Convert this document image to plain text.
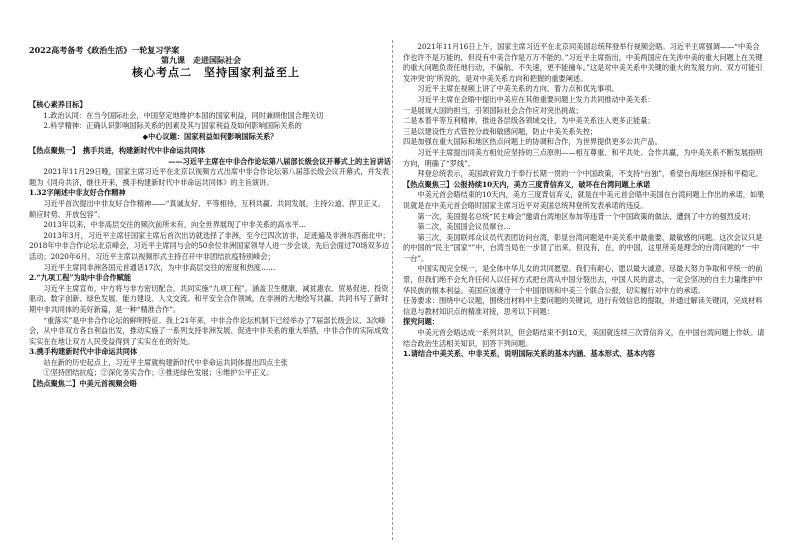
2022高考备考《政治生活》一轮复习学案
第九课　走进国际社会
核心考点二　坚持国家利益至上

【核心素养目标】

1.政治认同：在当今国际社会，中国坚定地维护本国的国家利益，同时兼顾他国合理关切

2.科学精神：正确认识影响国际关系的因素及其与国家利益及如何影响国际关系的

◆中心议题：国家利益如何影响国际关系？

【热点聚焦一】　携手共进，构建新时代中非命运共同体

——习近平主席在中非合作论坛第八届部长级会议开幕式上的主旨讲话

2021年11月29日晚，国家主席习近平在北京以视频方式出席中非合作论坛第八届部长级会议开幕式，并发表题为《同舟共济，继往开来，携手构建新时代中非命运共同体》的主旨演讲。

1.32字阐述中非友好合作精神

习近平首次提出中非友好合作精神——“真诚友好、平等相待，互利共赢、共同发展，主持公道、捍卫正义，顺应时势、开放包容”。

2013年以来，中非高层交往的频次前所未有，向全世界展现了中非关系的高水平…

2013年3月，习近平主席任国家主席后首次出访就选择了非洲，至今已四次访非，足迹遍及非洲东西南北中；2018年中非合作论坛北京峰会，习近平主席同与会的50余位非洲国家领导人进一步会谈，先后会面过70场双多边活动；2020年6月，习近平主席以视频形式主持召开中非团结抗疫特别峰会；

习近平主席同非洲各国元首通话17次，为中非高层交往的密度和热度……

2.“九项工程”为助中非合作赋能

习近平主席宣布，中方将与非方密切配合，共同实施“九项工程”，涵盖卫生健康、减贫惠农、贸易促进、投资驱动、数字创新、绿色发展、能力建设、人文交流、和平安全合作领域，在非洲的大地绘写共赢、共同书写了新时期中非共同体的美好新篇，是一种“精准合作”。

“重落实”是中非合作论坛的鲜明特征。我上21年来，中非合作论坛机制下已经举办了7届部长级会议、3次峰会，从中非双方各自利益出发，推动实施了一系列支持非洲发展、促进中非关系的重大举措，中非合作的实际成效实实在在地让双方人民受益得到了实实在在的好处。

3.携手构建新时代中非命运共同体

站在新的历史起点上，习近平主席就构建新时代中非命运共同体提出四点主张

①坚持团结抗疫；②深化务实合作；③推进绿色发展；④维护公平正义。

【热点聚焦二】中美元首视频会晤

2021年11月16日上午，国家主席习近平在北京同美国总统拜登举行视频会晤。习近平主席强调——“中美合作也许不是万能的，但没有中美合作是万万不能的。”习近平主席指出，中美两国应在关涉中美的重大问题上在关键的重大问题负责任地行动，不偏航、不失速，更不能撞车。”这是对中美关系中关键的重大的发展方向、双方可能引发冲突‘的’所说的，是对中美关系方向和把握的重要阐述。

习近平主席在视频上讲了中美关系的方向、着力点和优先事项。

习近平主席在会晤中提出中美应在其他重要问题上发力共同推动中美关系：

一是展现大国的担当，引领国际社会合作应对突出挑战；

二是本着平等互利精神，推进各层级各领域交往，为中美关系注入更多正能量；

三是以建设性方式管控分歧和敏感问题，防止中美关系失控；

四是加强在重大国际和地区热点问题上的协调和合作，为世界提供更多公共产品。

习近平主席提出同美方相处应坚持的三点原则——相互尊重、和平共处、合作共赢，为中美关系不断发展指明方向，明确了“罗线”。

拜登总统表示，美国政府致力于奉行长期一贯的一个中国政策，不支持“台独”，希望台海地区保持和平稳定。

【热点聚焦三】公报持续10天内，美方三度背信弃义，破坏在台湾问题上承诺

中美元首会晤结束的10天内，美方三度背信弃义，就是在中美元首会晤中美国在台湾问题上作出的承诺，如果说就是在中美元首会晤时国家主席习近平对美国总统拜登所发表承诺的违反。

第一次，美国提名总统“民主峰会”邀请台湾地区参加等违背一个中国政策的做法，遭到了中方的强烈反对；

第二次，美国国会议员窜台…

第三次，美国联邦众议员代表团访问台湾，彰显台湾问题是中美关系中最重要、最敏感的问题。这次会议只是的中国的“民主”国家“”中，台湾当局在一步冒了出来，但没有，在，的中国，这里所美是理念的台湾问题的“一中一台”。

中国实现完全统一，是全体中华儿女的共同愿望。我们有耐心，愿以最大诚意、尽最大努力争取和平统一的前景，但我们绝不会允许任何人以任何方式把台湾从中国分裂出去，中国人民的意志，一定会坚决的自主力量维护中华民族的根本利益。美国应该遵守一个中国原则和中美三个联合公报，切实履行对中方的承诺。

任务要求：围绕中心议题，围绕出材料中主要问题的关键词，进行有效信息的提取，并通过解读关键词，完成材料信息与教材知识点的精准对接，思考以下问题：

探究问题：

中美元首会晤达成一系列共识，但会晤结束不到10天，美国就连续三次背信弃义，在中国台湾问题上作妖。请结合政治生活相关知识，回答下列问题。

1.请结合中美关系、中非关系，说明国际关系的基本内涵、基本形式、基本内容
